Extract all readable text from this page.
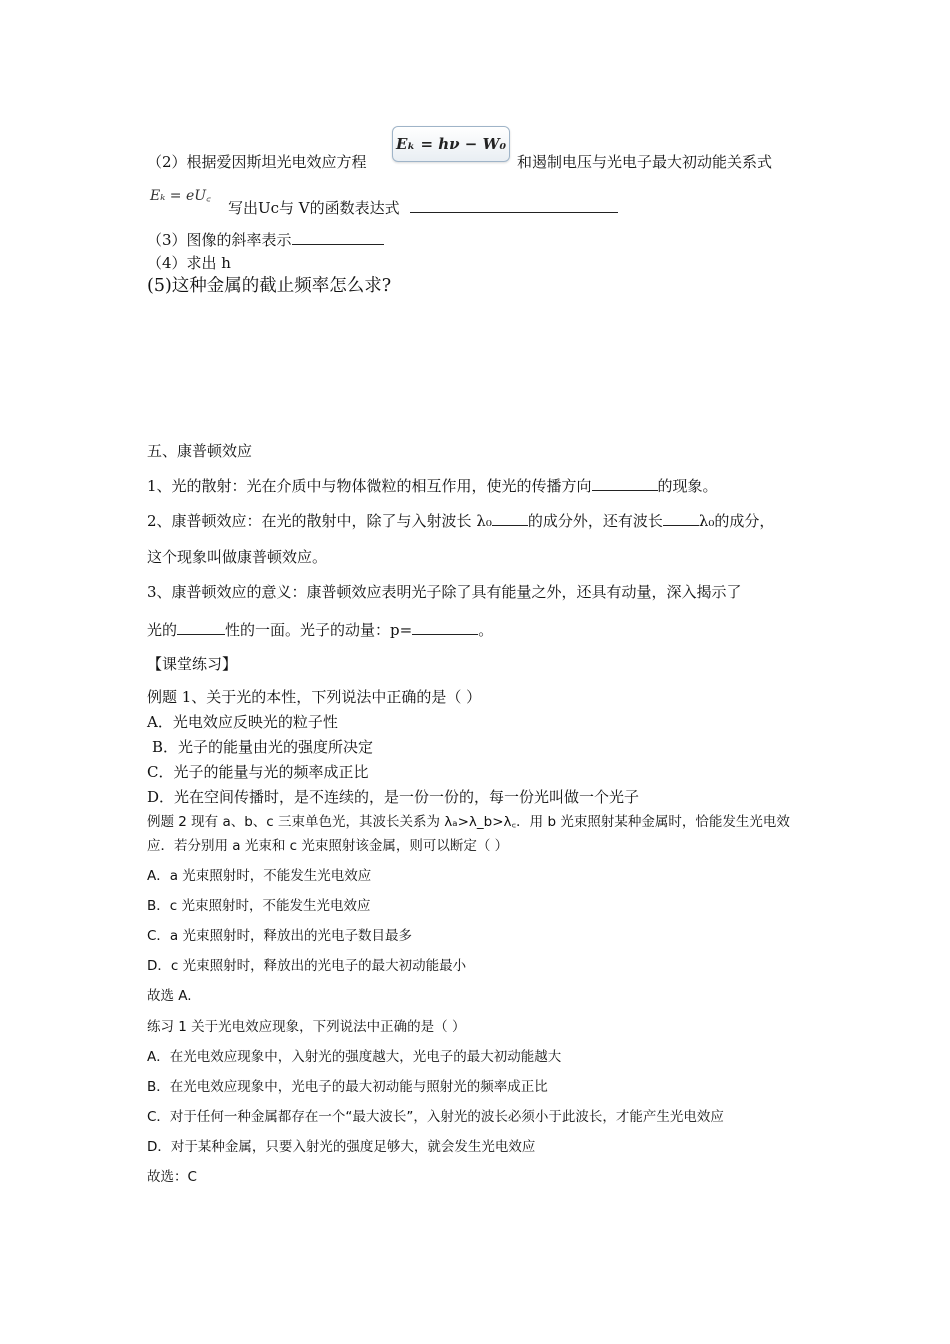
（2）根据爱因斯坦光电效应方程
Eₖ = hν − W₀
和遏制电压与光电子最大初动能关系式
Eₖ = eU꜀
写出Uc与 V的函数表达式
（3）图像的斜率表示
（4）求出 h
(5)这种金属的截止频率怎么求?
五、康普顿效应
1、光的散射：光在介质中与物体微粒的相互作用，使光的传播方向	的现象。
2、康普顿效应：在光的散射中，除了与入射波长 λ₀ 的成分外，还有波长 λ₀的成分，
这个现象叫做康普顿效应。
3、康普顿效应的意义：康普顿效应表明光子除了具有能量之外，还具有动量，深入揭示了
光的	性的一面。光子的动量：p=	。
【课堂练习】
例题 1、关于光的本性，下列说法中正确的是（ ）
A．光电效应反映光的粒子性
B．光子的能量由光的强度所决定
C．光子的能量与光的频率成正比
D．光在空间传播时，是不连续的，是一份一份的，每一份光叫做一个光子
例题 2 现有 a、b、c 三束单色光，其波长关系为 λₐ>λ_b>λ꜀．用 b 光束照射某种金属时，恰能发生光电效
应．若分别用 a 光束和 c 光束照射该金属，则可以断定（ ）
A．a 光束照射时，不能发生光电效应
B．c 光束照射时，不能发生光电效应
C．a 光束照射时，释放出的光电子数目最多
D．c 光束照射时，释放出的光电子的最大初动能最小
故选 A.
练习 1 关于光电效应现象，下列说法中正确的是（ ）
A．在光电效应现象中，入射光的强度越大，光电子的最大初动能越大
B．在光电效应现象中，光电子的最大初动能与照射光的频率成正比
C．对于任何一种金属都存在一个“最大波长”，入射光的波长必须小于此波长，才能产生光电效应
D．对于某种金属，只要入射光的强度足够大，就会发生光电效应
故选：C
